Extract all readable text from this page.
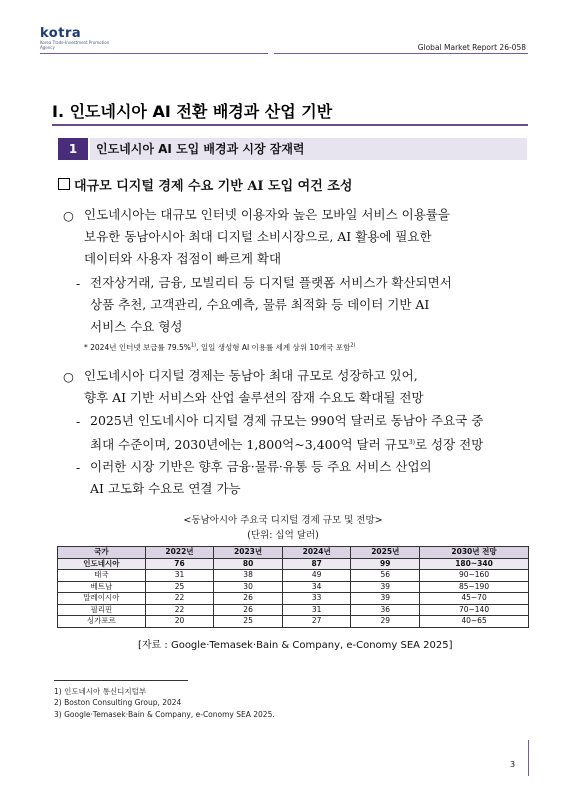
kotra
Korea Trade-Investment Promotion Agency	Global Market Report 26-058
Ⅰ. 인도네시아 AI 전환 배경과 산업 기반
1	인도네시아 AI 도입 배경과 시장 잠재력
대규모 디지털 경제 수요 기반 AI 도입 여건 조성
○ 인도네시아는 대규모 인터넷 이용자와 높은 모바일 서비스 이용률을
보유한 동남아시아 최대 디지털 소비시장으로, AI 활용에 필요한
데이터와 사용자 접점이 빠르게 확대
- 전자상거래, 금융, 모빌리티 등 디지털 플랫폼 서비스가 확산되면서
상품 추천, 고객관리, 수요예측, 물류 최적화 등 데이터 기반 AI
서비스 수요 형성
* 2024년 인터넷 보급률 79.5%$^{1)}$, 일일 생성형 AI 이용률 세계 상위 10개국 포함$^{2)}$
○ 인도네시아 디지털 경제는 동남아 최대 규모로 성장하고 있어,
향후 AI 기반 서비스와 산업 솔루션의 잠재 수요도 확대될 전망
- 2025년 인도네시아 디지털 경제 규모는 990억 달러로 동남아 주요국 중
최대 수준이며, 2030년에는 1,800억~3,400억 달러 규모$^{3)}$로 성장 전망
- 이러한 시장 기반은 향후 금융·물류·유통 등 주요 서비스 산업의
AI 고도화 수요로 연결 가능
<동남아시아 주요국 디지털 경제 규모 및 전망>
(단위: 십억 달러)
국가	2022년	2023년	2024년	2025년	2030년 전망
인도네시아	76	80	87	99	180~340
태국	31	38	49	56	90~160
베트남	25	30	34	39	85~190
말레이시아	22	26	33	39	45~70
필리핀	22	26	31	36	70~140
싱가포르	20	25	27	29	40~65
[자료 : Google·Temasek·Bain & Company, e-Conomy SEA 2025]
1) 인도네시아 통신디지털부
2) Boston Consulting Group, 2024
3) Google·Temasek·Bain & Company, e-Conomy SEA 2025.
3
